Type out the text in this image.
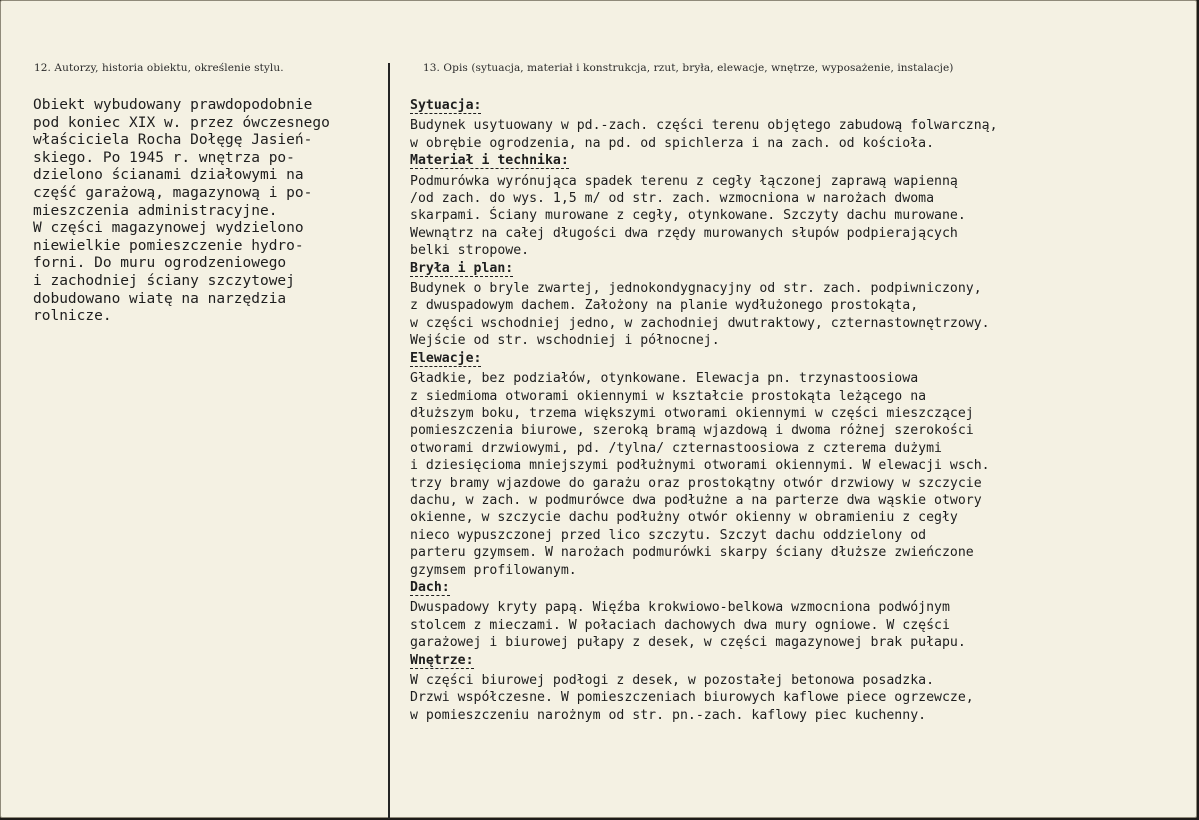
12. Autorzy, historia obiektu, określenie stylu.	13. Opis (sytuacja, materiał i konstrukcja, rzut, bryła, elewacje, wnętrze, wyposażenie, instalacje)
Obiekt wybudowany prawdopodobnie
pod koniec XIX w. przez ówczesnego
właściciela Rocha Dołęgę Jasień-
skiego. Po 1945 r. wnętrza po-
dzielono ścianami działowymi na
część garażową, magazynową i po-
mieszczenia administracyjne.
W części magazynowej wydzielono
niewielkie pomieszczenie hydro-
forni. Do muru ogrodzeniowego
i zachodniej ściany szczytowej
dobudowano wiatę na narzędzia
rolnicze.
Sytuacja:
Budynek usytuowany w pd.-zach. części terenu objętego zabudową folwarczną,
w obrębie ogrodzenia, na pd. od spichlerza i na zach. od kościoła.
Materiał i technika:
Podmurówka wyrónująca spadek terenu z cegły łączonej zaprawą wapienną
/od zach. do wys. 1,5 m/ od str. zach. wzmocniona w narożach dwoma
skarpami. Ściany murowane z cegły, otynkowane. Szczyty dachu murowane.
Wewnątrz na całej długości dwa rzędy murowanych słupów podpierających
belki stropowe.
Bryła i plan:
Budynek o bryle zwartej, jednokondygnacyjny od str. zach. podpiwniczony,
z dwuspadowym dachem. Założony na planie wydłużonego prostokąta,
w części wschodniej jedno, w zachodniej dwutraktowy, czternastownętrzowy.
Wejście od str. wschodniej i północnej.
Elewacje:
Gładkie, bez podziałów, otynkowane. Elewacja pn. trzynastoosiowa
z siedmioma otworami okiennymi w kształcie prostokąta leżącego na
dłuższym boku, trzema większymi otworami okiennymi w części mieszczącej
pomieszczenia biurowe, szeroką bramą wjazdową i dwoma różnej szerokości
otworami drzwiowymi, pd. /tylna/ czternastoosiowa z czterema dużymi
i dziesięcioma mniejszymi podłużnymi otworami okiennymi. W elewacji wsch.
trzy bramy wjazdowe do garażu oraz prostokątny otwór drzwiowy w szczycie
dachu, w zach. w podmurówce dwa podłużne a na parterze dwa wąskie otwory
okienne, w szczycie dachu podłużny otwór okienny w obramieniu z cegły
nieco wypuszczonej przed lico szczytu. Szczyt dachu oddzielony od
parteru gzymsem. W narożach podmurówki skarpy ściany dłuższe zwieńczone
gzymsem profilowanym.
Dach:
Dwuspadowy kryty papą. Więźba krokwiowo-belkowa wzmocniona podwójnym
stolcem z mieczami. W połaciach dachowych dwa mury ogniowe. W części
garażowej i biurowej pułapy z desek, w części magazynowej brak pułapu.
Wnętrze:
W części biurowej podłogi z desek, w pozostałej betonowa posadzka.
Drzwi współczesne. W pomieszczeniach biurowych kaflowe piece ogrzewcze,
w pomieszczeniu narożnym od str. pn.-zach. kaflowy piec kuchenny.
